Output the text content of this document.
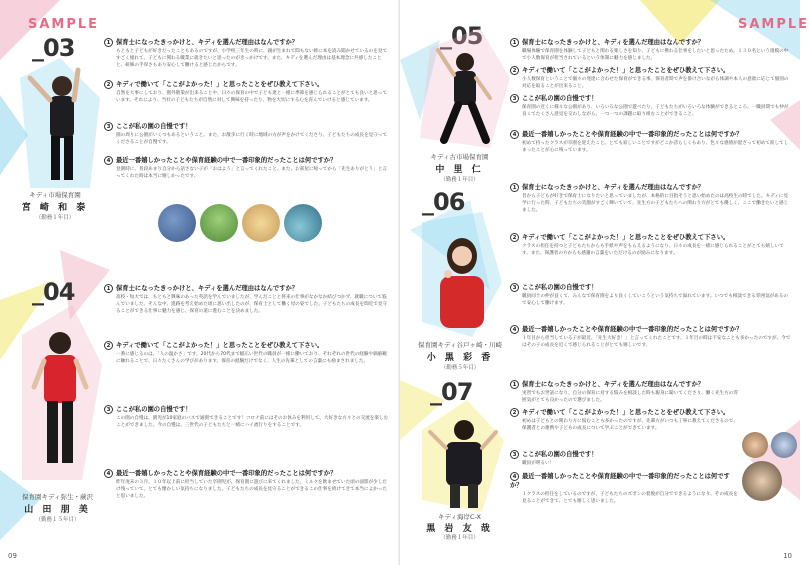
SAMPLE
_03
キディ市場保育園
宮 崎 和 泰
（勤務１年目）
1 保育士になったきっかけと、キディを選んだ理由はなんですか？
もともと子どもが好きだったこともあるのですが、小学校三年生の時に、親が生まれて間もない姉に本を読み聞かせているのを見てすごく憧れて、子どもに関わる職業に就きたいと思ったのがきっかけです。また、キディを選んだ理由は基本理念に共感したことと、研修の手厚さもあり安心して働けると感じたからです。
2 キディで働いて「ここがよかった！」と思ったことをぜひ教えて下さい。
自然を大事にしており、園外散策が出来ることや、日々の保育の中で子ども達と一緒に季節を感じられることがとても良いと思っています。それにより、当社の子どもたちが自然に対して興味を持ったり、物を大切にする心を育んでいけると感じています。
3 ここが私の園の自慢です！
園の周りに公園がいくつもあるということ。また、お散歩に行く時に地域の方が声をかけてくださり、子どもたちの成長を見守ってくださることが自慢です。
4 最近一番嬉しかったことや保育経験の中で一番印象的だったことは何ですか？
登園時に、普段あまり自分から話さない子が「おはよう」と言ってくれたこと。また、お部屋に帰ってから「先生ありがとう」と言ってくれた時は本当に嬉しかったです。
_04
保育園キディ弥生・蕨沢
山 田 朋 美
（勤務１５年目）
1 保育士になったきっかけと、キディを選んだ理由はなんですか？
高校・短大では、もともと興味のあった英語を学んでいましたが、学んだことと将来の仕事がなかなか結びつかず、就職について悩んでいました。そんな中、進路を考え始めた頃に思い出したのが、保育士として働く母の姿でした。子どもたちの成長を間近で見守ることができる仕事に魅力を感じ、保育の道に進むことを決めました。
2 キディで働いて「ここがよかった！」と思ったことをぜひ教えて下さい。
一番に感じるのは、「人の温かさ」です。20代から70代まで幅広い世代の職員が一緒に働いており、それぞれの世代の経験や価値観に触れることで、日々たくさんの学びがあります。保育の経験だけでなく、人生の先輩としての言葉にも励まされました。
3 ここが私の園の自慢です！
この園の自慢は、園児が10家庭のバスで通園できることです！コロナ前にはそのお休みを利用して、大好きな方々との交流を楽しむことができました。今の自慢は、三世代の子どもたちと一緒にハイ流行りをすることです。
4 最近一番嬉しかったことや保育経験の中で一番印象的だったことは何ですか？
昨年度末の３月、１０年以上前に担当していた卒園児が、保育園に遊びに来てくれました。ミルクを飲ませていた頃の面影が少しだけ残っていて、とても懐かしい気持ちになりました。子どもたちの成長を見守ることができるこの仕事を続けてきて本当によかったと思いました。
09
SAMPLE
_05
キディ古市場保育園
中 里 仁
（勤務１年目）
1 保育士になったきっかけと、キディを選んだ理由はなんですか？
職場体験で保育園を体験して子どもと関わる楽しさを知り、子どもに携わる仕事をしたいと思ったため。１３０名という規模の中で小人数保育が担当されているという体制に魅力を感じました。
2 キディで働いて「ここがよかった！」と思ったことをぜひ教えて下さい。
小人数保育ということで個々の発達に合わせた保育ができる事。保育者間で声を掛け合いながら体調や本人の意欲に応じて個別の対応を取ることが出来ること。
3 ここが私の園の自慢です！
保育園の近くに様々な公園があり、いろいろな公園で遊べたり、子どもたちがいろいろな体験ができるところ。一職員間でも仲が良くてたくさん意見を交わしながら、一つ一つの課題に取り組むことができること。
4 最近一番嬉しかったことや保育経験の中で一番印象的だったことは何ですか？
初めて持ったクラスが卒園を迎えたこと。とても寂しいことですがどこか誇らしくもあり、色々な感情が混ざって初めて涙してしまったことが心に残っています。
_06
保育園キディ谷戸ヶ崎・川崎
小 黒 彩 香
（勤務５年目）
1 保育士になったきっかけと、キディを選んだ理由はなんですか？
昔から子どもが好きで保育士になりたいと思っていましたが、本格的に目指そうと思い始めたのは高校生の時でした。キディに見学に行った時、子どもたちの笑顔がすごく輝いていて、先生方の子どもたちへの関わり方がとても優しく、ここで働きたいと感じました。
2 キディで働いて「ここがよかった！」と思ったことをぜひ教えて下さい。
クラスの担任を持つと子どもたちからも手紙や声をもらえるようになり、日々の成長を一緒に感じられることがとても嬉しいです。また、保護者の方からも感謝の言葉をいただけるのが励みになります。
3 ここが私の園の自慢です！
職員同士の仲が良くて、みんなで保育園をより良くしていこうという気持ちで溢れています。いつでも相談できる雰囲気があるので安心して働けます。
4 最近一番嬉しかったことや保育経験の中で一番印象的だったことは何ですか？
１年目から担当している子が最近、「先生大好き！」と言ってくれたことです。１年目の時は不安なことも多かったのですが、今ではその子の成長を近くで感じられることがとても嬉しいです。
_07
キディ海岸C-X
黒 岩 友 哉
（勤務１年目）
1 保育士になったきっかけと、キディを選んだ理由はなんですか？
実習でもお世話になり、自分の保育に対する悩みを相談した時も親身に聞いてくださり、働く先生方の雰囲気がとても良かったので選びました。
2 キディで働いて「ここがよかった！」と思ったことをぜひ教えて下さい。
初めは子どもとの関わり方に悩むことも多かったのですが、先輩方がいつも丁寧に教えてくださるので、保護者との連携や子どもの成長について学ぶことができています。
3 ここが私の園の自慢です！
職員が明るい！
4 最近一番嬉しかったことや保育経験の中で一番印象的だったことは何ですか？
１クラスの担任をしているのですが、子どもたちのズボンの着脱が自分でできるようになり、その成長を見ることができて、とても嬉しく思いました。
10
